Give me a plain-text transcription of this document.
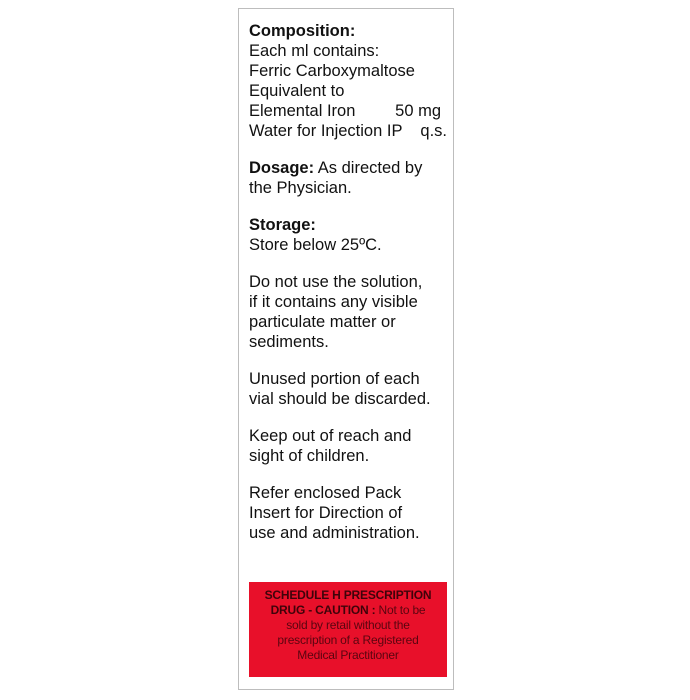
Composition:
Each ml contains:
Ferric Carboxymaltose
Equivalent to
Elemental Iron 50 mg
Water for Injection IP q.s.
Dosage: As directed by
the Physician.
Storage:
Store below 25ºC.
Do not use the solution,
if it contains any visible
particulate matter or
sediments.
Unused portion of each
vial should be discarded.
Keep out of reach and
sight of children.
Refer enclosed Pack
Insert for Direction of
use and administration.
SCHEDULE H PRESCRIPTION
DRUG - CAUTION : Not to be
sold by retail without the
prescription of a Registered
Medical Practitioner
